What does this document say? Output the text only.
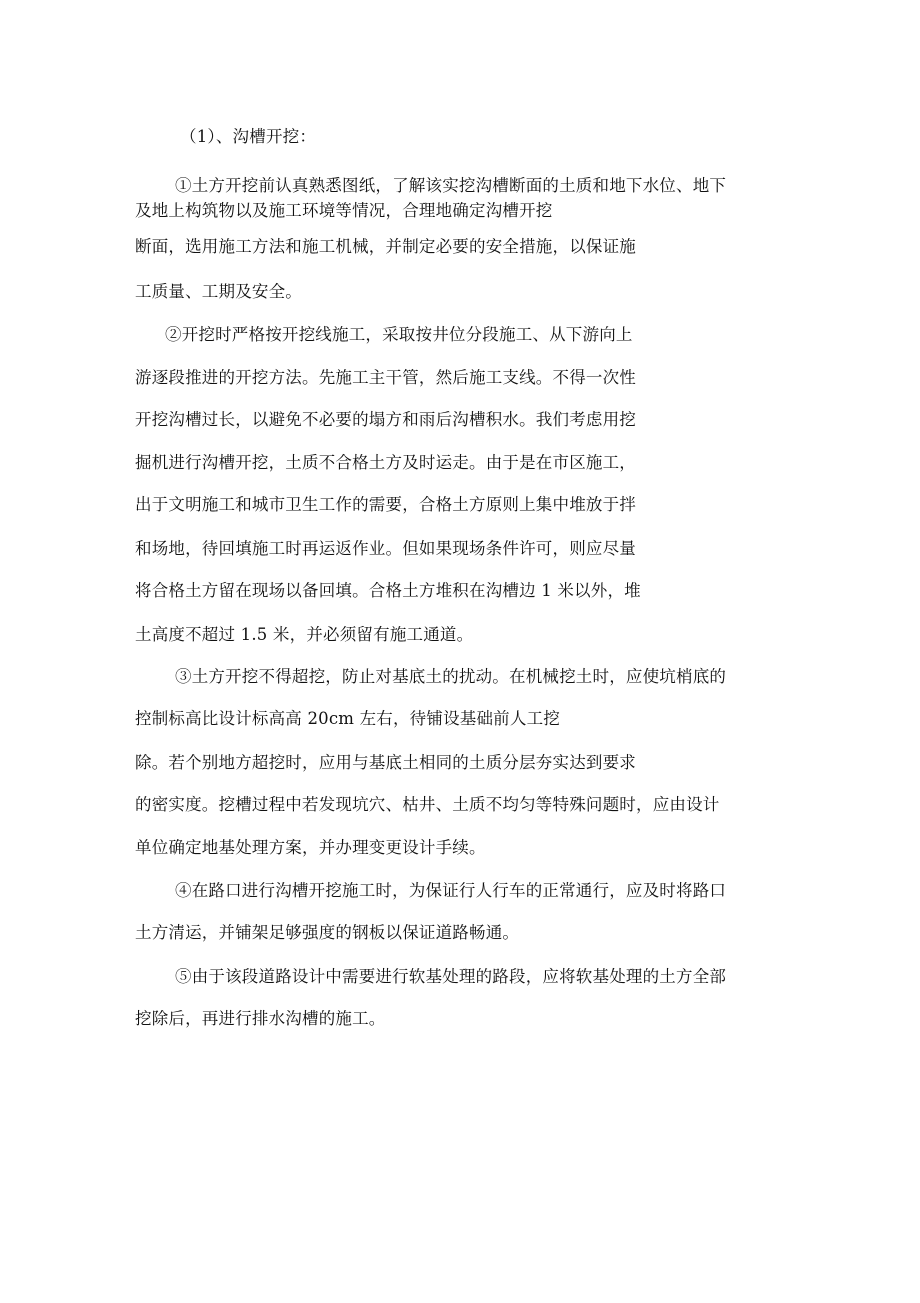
（1）、沟槽开挖：
①土方开挖前认真熟悉图纸，了解该实挖沟槽断面的土质和地下水位、地下
及地上构筑物以及施工环境等情况，合理地确定沟槽开挖
断面，选用施工方法和施工机械，并制定必要的安全措施，以保证施
工质量、工期及安全。
②开挖时严格按开挖线施工，采取按井位分段施工、从下游向上
游逐段推进的开挖方法。先施工主干管，然后施工支线。不得一次性
开挖沟槽过长，以避免不必要的塌方和雨后沟槽积水。我们考虑用挖
掘机进行沟槽开挖，土质不合格土方及时运走。由于是在市区施工，
出于文明施工和城市卫生工作的需要，合格土方原则上集中堆放于拌
和场地，待回填施工时再运返作业。但如果现场条件许可，则应尽量
将合格土方留在现场以备回填。合格土方堆积在沟槽边 1 米以外，堆
土高度不超过 1.5 米，并必须留有施工通道。
③土方开挖不得超挖，防止对基底土的扰动。在机械挖土时，应使坑梢底的
控制标高比设计标高高 20cm 左右，待铺设基础前人工挖
除。若个别地方超挖时，应用与基底土相同的土质分层夯实达到要求
的密实度。挖槽过程中若发现坑穴、枯井、土质不均匀等特殊问题时，应由设计
单位确定地基处理方案，并办理变更设计手续。
④在路口进行沟槽开挖施工时，为保证行人行车的正常通行，应及时将路口
土方清运，并铺架足够强度的钢板以保证道路畅通。
⑤由于该段道路设计中需要进行软基处理的路段，应将软基处理的土方全部
挖除后，再进行排水沟槽的施工。
